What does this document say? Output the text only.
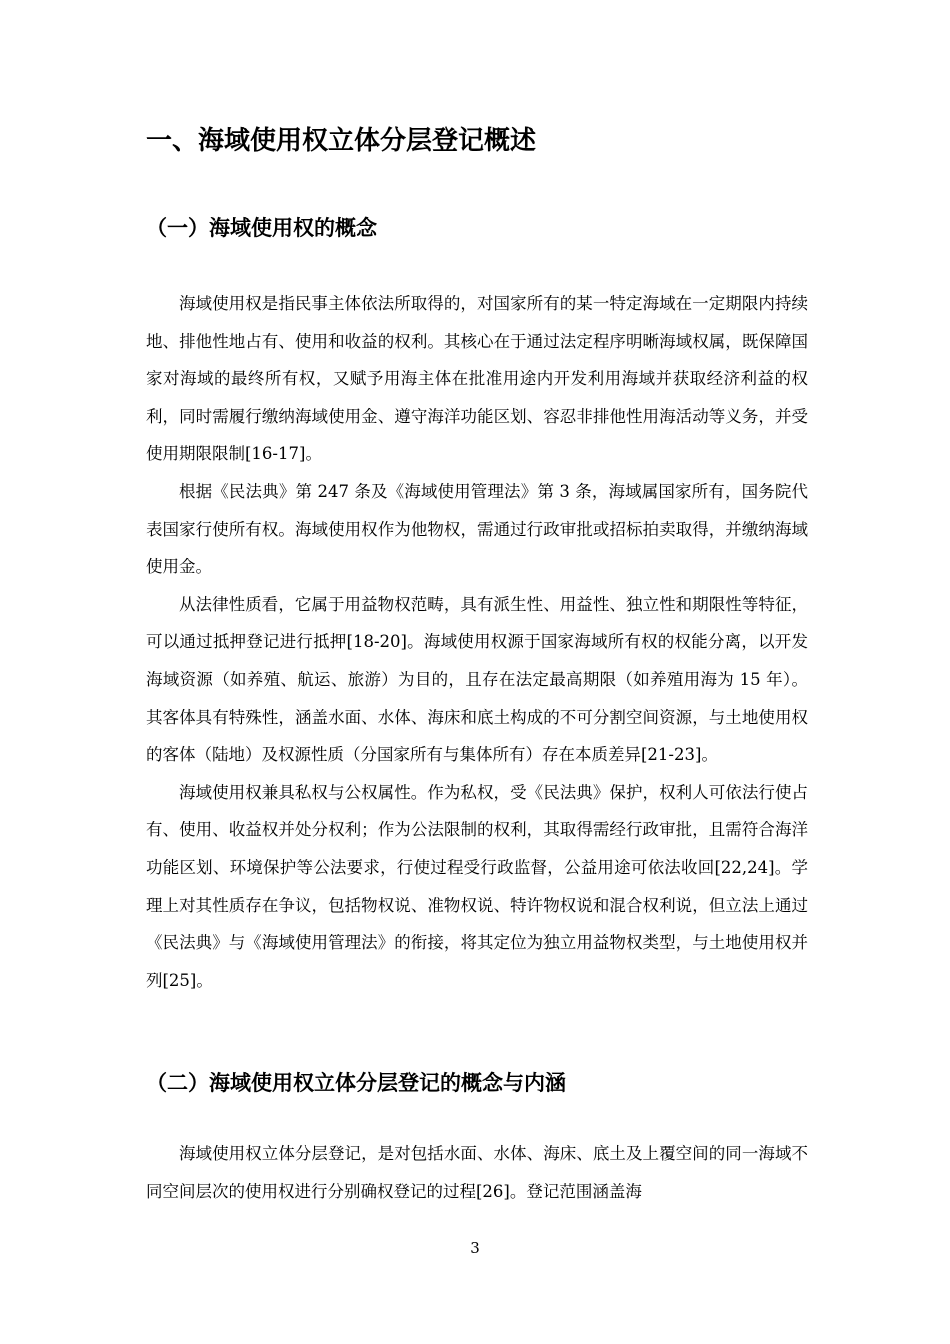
一、海域使用权立体分层登记概述
（一）海域使用权的概念

海域使用权是指民事主体依法所取得的，对国家所有的某一特定海域在一定期限内持续地、排他性地占有、使用和收益的权利。其核心在于通过法定程序明晰海域权属，既保障国家对海域的最终所有权，又赋予用海主体在批准用途内开发利用海域并获取经济利益的权利，同时需履行缴纳海域使用金、遵守海洋功能区划、容忍非排他性用海活动等义务，并受使用期限限制[16-17]。

根据《民法典》第 247 条及《海域使用管理法》第 3 条，海域属国家所有，国务院代表国家行使所有权。海域使用权作为他物权，需通过行政审批或招标拍卖取得，并缴纳海域使用金。

从法律性质看，它属于用益物权范畴，具有派生性、用益性、独立性和期限性等特征，可以通过抵押登记进行抵押[18-20]。海域使用权源于国家海域所有权的权能分离，以开发海域资源（如养殖、航运、旅游）为目的，且存在法定最高期限（如养殖用海为 15 年）。其客体具有特殊性，涵盖水面、水体、海床和底土构成的不可分割空间资源，与土地使用权的客体（陆地）及权源性质（分国家所有与集体所有）存在本质差异[21-23]。

海域使用权兼具私权与公权属性。作为私权，受《民法典》保护，权利人可依法行使占有、使用、收益权并处分权利；作为公法限制的权利，其取得需经行政审批，且需符合海洋功能区划、环境保护等公法要求，行使过程受行政监督，公益用途可依法收回[22,24]。学理上对其性质存在争议，包括物权说、准物权说、特许物权说和混合权利说，但立法上通过《民法典》与《海域使用管理法》的衔接，将其定位为独立用益物权类型，与土地使用权并列[25]。

（二）海域使用权立体分层登记的概念与内涵

海域使用权立体分层登记，是对包括水面、水体、海床、底土及上覆空间的同一海域不同空间层次的使用权进行分别确权登记的过程[26]。登记范围涵盖海

3
